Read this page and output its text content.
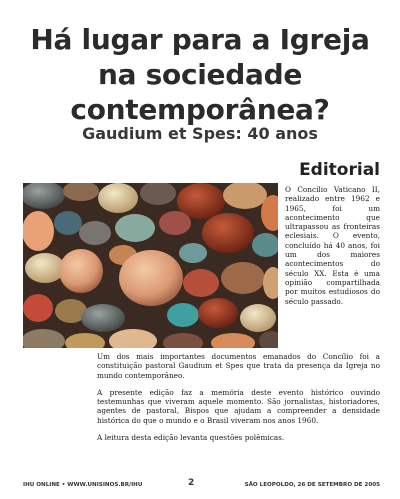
Há lugar para a Igreja
na sociedade
contemporânea?
Gaudium et Spes: 40 anos
Editorial
O Concílio Vaticano II, realizado entre 1962 e 1965, foi um acontecimento que ultrapassou as fronteiras eclesiais. O evento, concluído há 40 anos, foi um dos maiores acontecimentos do século XX. Esta é uma opinião compartilhada por muitos estudiosos do século passado.

Um dos mais importantes documentos emanados do Concílio foi a constituição pastoral Gaudium et Spes que trata da presença da Igreja no mundo contemporâneo.

A presente edição faz a memória deste evento histórico ouvindo testemunhas que viveram aquele momento. São jornalistas, historiadores, agentes de pastoral, Bispos que ajudam a compreender a densidade histórica do que o mundo e o Brasil viveram nos anos 1960.

A leitura desta edição levanta questões polêmicas.

IHU ONLINE • WWW.UNISINOS.BR/IHU	2	SÃO LEOPOLDO, 26 DE SETEMBRO DE 2005
